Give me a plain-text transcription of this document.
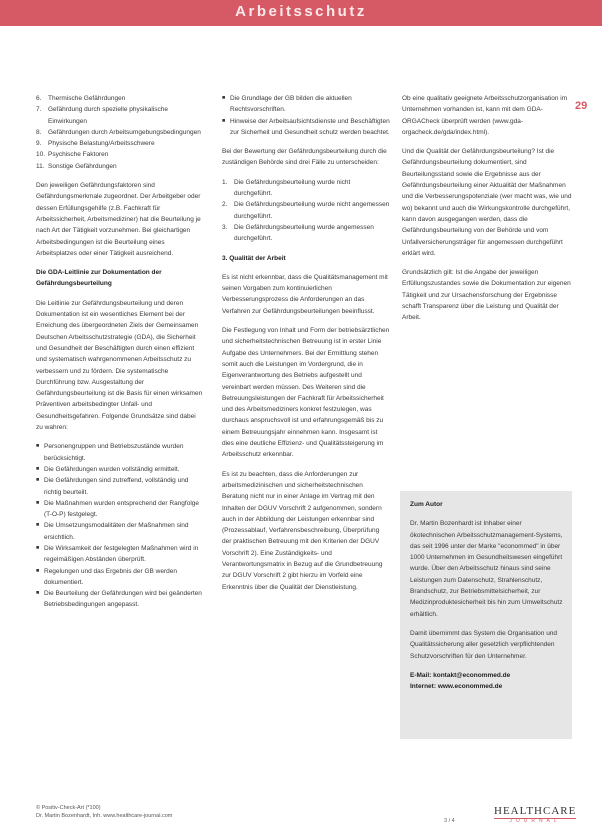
Arbeitsschutz
29
6. Thermische Gefährdungen
7. Gefährdung durch spezielle physikalische Einwirkungen
8. Gefährdungen durch Arbeitsumgebungsbedingungen
9. Physische Belastung/Arbeitsschwere
10. Psychische Faktoren
11. Sonstige Gefährdungen

Den jeweiligen Gefährdungsfaktoren sind Gefährdungsmerkmale zugeordnet. Der Arbeitgeber oder dessen Erfüllungsgehilfe (z.B. Fachkraft für Arbeitssicherheit, Arbeitsmediziner) hat die Beurteilung je nach Art der Tätigkeit vorzunehmen. Bei gleichartigen Arbeitsbedingungen ist die Beurteilung eines Arbeitsplatzes oder einer Tätigkeit ausreichend.

Die GDA-Leitlinie zur Dokumentation der Gefährdungsbeurteilung

Die Leitlinie zur Gefährdungsbeurteilung und deren Dokumentation ist ein wesentliches Element bei der Erreichung des übergeordneten Ziels der Gemeinsamen Deutschen Arbeitsschutzstrategie (GDA), die Sicherheit und Gesundheit der Beschäftigten durch einen effizient und systematisch wahrgenommenen Arbeitsschutz zu verbessern und zu fördern. Die systematische Durchführung bzw. Ausgestaltung der Gefährdungsbeurteilung ist die Basis für einen wirksamen Präventiven arbeitsbedingter Unfall- und Gesundheitsgefahren. Folgende Grundsätze sind dabei zu wahren:

■ Personengruppen und Betriebszustände wurden berücksichtigt.
■ Die Gefährdungen wurden vollständig ermittelt.
■ Die Gefährdungen sind zutreffend, vollständig und richtig beurteilt.
■ Die Maßnahmen wurden entsprechend der Rangfolge (T-O-P) festgelegt.
■ Die Umsetzungsmodalitäten der Maßnahmen sind ersichtlich.
■ Die Wirksamkeit der festgelegten Maßnahmen wird in regelmäßigen Abständen überprüft.
■ Regelungen und das Ergebnis der GB werden dokumentiert.
■ Die Beurteilung der Gefährdungen wird bei geänderten Betriebsbedingungen angepasst.
■ Die Grundlage der GB bilden die aktuellen Rechtsvorschriften.
■ Hinweise der Arbeitsaufsichtsdienste und Beschäftigten zur Sicherheit und Gesundheit schutz werden beachtet.

Bei der Bewertung der Gefährdungsbeurteilung durch die zuständigen Behörde sind drei Fälle zu unterscheiden:

1. Die Gefährdungsbeurteilung wurde nicht durchgeführt.
2. Die Gefährdungsbeurteilung wurde nicht angemessen durchgeführt.
3. Die Gefährdungsbeurteilung wurde angemessen durchgeführt.

3. Qualität der Arbeit

Es ist nicht erkennbar, dass die Qualitätsmanagement mit seinen Vorgaben zum kontinuierlichen Verbesserungsprozess die Anforderungen an das Verfahren zur Gefährdungsbeurteilungen beeinflusst.

Die Festlegung von Inhalt und Form der betriebsärztlichen und sicherheitstechnischen Betreuung ist in erster Linie Aufgabe des Unternehmers. Bei der Ermittlung stehen somit auch die Leistungen im Vordergrund, die in Eigenverantwortung des Betriebs aufgestellt und vereinbart werden müssen. Des Weiteren sind die Betreuungsleistungen der Fachkraft für Arbeitssicherheit und des Arbeitsmediziners konkret festzulegen, was durchaus anspruchsvoll ist und erfahrungsgemäß bis zu einem Betreuungsjahr einnehmen kann. Insgesamt ist dies eine deutliche Effizienz- und Qualitätssteigerung im Arbeitsschutz erkennbar.

Es ist zu beachten, dass die Anforderungen zur arbeitsmedizinischen und sicherheitstechnischen Beratung nicht nur in einer Anlage im Vertrag mit den Inhalten der DGUV Vorschrift 2 aufgenommen, sondern auch in der Abbildung der Leistungen erkennbar sind (Prozessablauf, Verfahrensbeschreibung, Überprüfung der praktischen Betreuung mit den Kriterien der DGUV Vorschrift 2). Eine Zuständigkeits- und Verantwortungsmatrix in Bezug auf die Grundbetreuung zur DGUV Vorschrift 2 gibt hierzu im Vorfeld eine Erkenntnis über die Qualität der Dienstleistung.

Ob eine qualitativ geeignete Arbeitsschutzorganisation im Unternehmen vorhanden ist, kann mit dem GDA-ORGACheck überprüft werden (www.gda-orgacheck.de/gda/index.html).

Und die Qualität der Gefährdungsbeurteilung? Ist die Gefährdungsbeurteilung dokumentiert, sind Beurteilungsstand sowie die Ergebnisse aus der Gefährdungsbeurteilung einer Aktualität der Maßnahmen und die Verbesserungspotenziale (wer macht was, wie und wo) bekannt und auch die Wirkungskontrolle durchgeführt, kann davon ausgegangen werden, dass die Gefährdungsbeurteilung von der Behörde und vom Unfallversicherungsträger für angemessen durchgeführt erklärt wird.

Grundsätzlich gilt: Ist die Angabe der jeweiligen Erfüllungszustandes sowie die Dokumentation zur eigenen Tätigkeit und zur Ursachensforschung der Ergebnisse schafft Transparenz über die Leistung und Qualität der Arbeit.

Zum Autor

Dr. Martin Bozenhardt ist Inhaber einer ökotechnischen Arbeitsschutzmanagement-Systems, das seit 1996 unter der Marke "econommed" in über 1000 Unternehmen im Gesundheitswesen eingeführt wurde. Über den Arbeitsschutz hinaus sind seine Leistungen zum Datenschutz, Strahlenschutz, Brandschutz, zur Betriebsmittelsicherheit, zur Medizinproduktesicherheit bis hin zum Umweltschutz erhältlich.

Damit übernimmt das System die Organisation und Qualitätssicherung aller gesetzlich verpflichtenden Schutzvorschriften für den Unternehmer.

E-Mail: kontakt@econommed.de
Internet: www.econommed.de
© Positiv-Check-Art (*100)
Dr. Martin Bozenhardt, Inh. www.healthcare-journal.com
3 / 4
HEALTHCARE
JOURNAL
